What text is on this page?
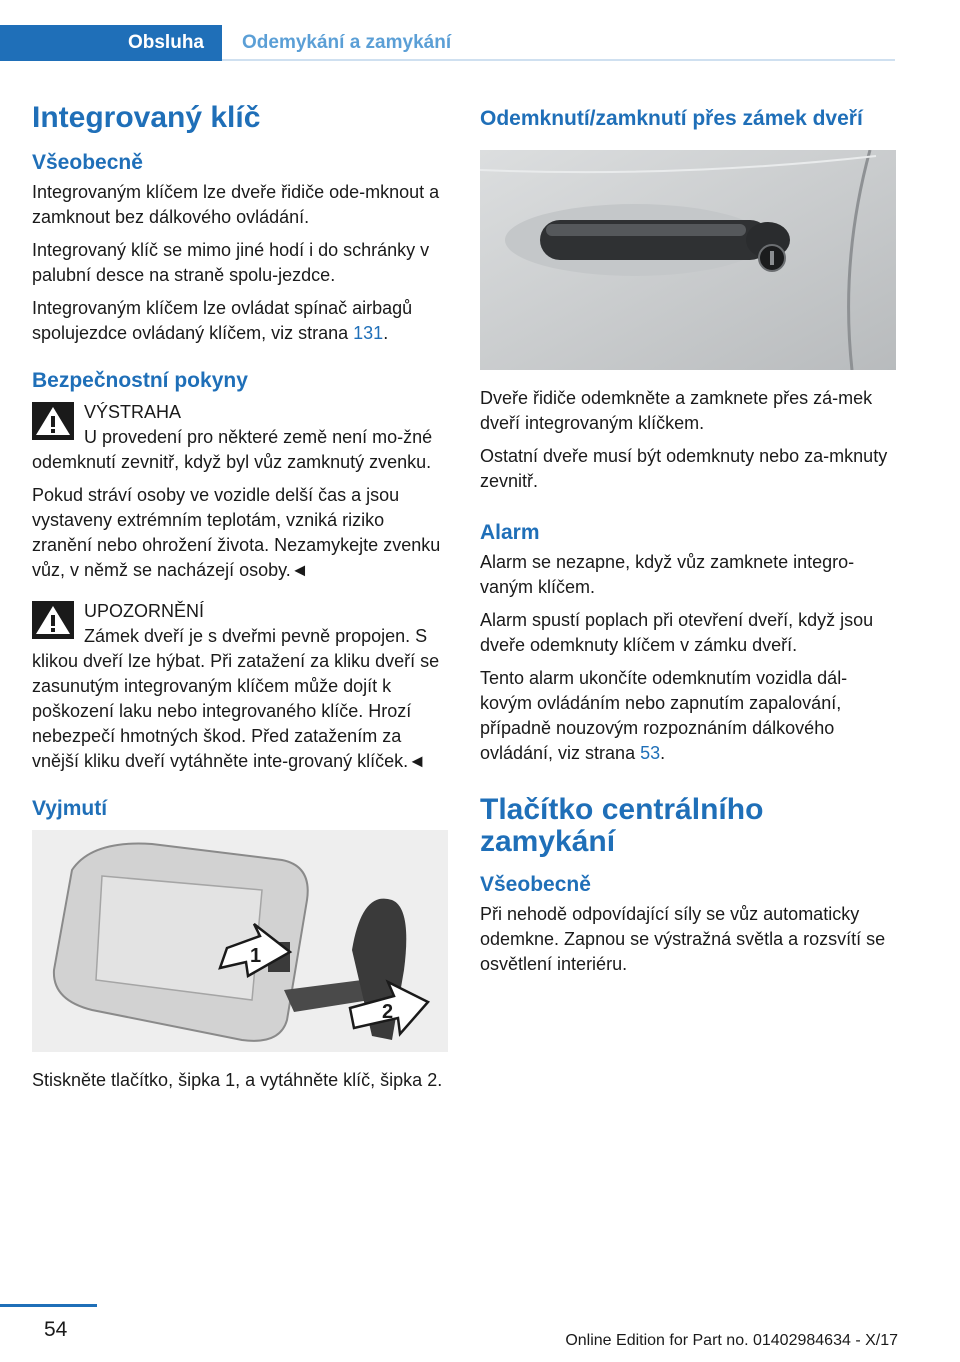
Obsluha	Odemykání a zamykání
Integrovaný klíč
Všeobecně

Integrovaným klíčem lze dveře řidiče ode-mknout a zamknout bez dálkového ovládání.

Integrovaný klíč se mimo jiné hodí i do schránky v palubní desce na straně spolu-jezdce.

Integrovaným klíčem lze ovládat spínač airbagů spolujezdce ovládaný klíčem, viz strana 131.

Bezpečnostní pokyny
VÝSTRAHA

U provedení pro některé země není mo-žné odemknutí zevnitř, když byl vůz zamknutý zvenku.

Pokud stráví osoby ve vozidle delší čas a jsou vystaveny extrémním teplotám, vzniká riziko zranění nebo ohrožení života. Nezamykejte zvenku vůz, v němž se nacházejí osoby.◄

UPOZORNĚNÍ

Zámek dveří je s dveřmi pevně propojen. S klikou dveří lze hýbat. Při zatažení za kliku dveří se zasunutým integrovaným klíčem může dojít k poškození laku nebo integrovaného klíče. Hrozí nebezpečí hmotných škod. Před zatažením za vnější kliku dveří vytáhněte inte-grovaný klíček.◄

Vyjmutí
1
2

Stiskněte tlačítko, šipka 1, a vytáhněte klíč, šipka 2.

Odemknutí/zamknutí přes zámek dveří

Dveře řidiče odemkněte a zamknete přes zá-mek dveří integrovaným klíčkem.

Ostatní dveře musí být odemknuty nebo za-mknuty zevnitř.

Alarm

Alarm se nezapne, když vůz zamknete integro-vaným klíčem.

Alarm spustí poplach při otevření dveří, když jsou dveře odemknuty klíčem v zámku dveří.

Tento alarm ukončíte odemknutím vozidla dál-kovým ovládáním nebo zapnutím zapalování, případně nouzovým rozpoznáním dálkového ovládání, viz strana 53.

Tlačítko centrálního zamykání
Všeobecně

Při nehodě odpovídající síly se vůz automaticky odemkne. Zapnou se výstražná světla a rozsvítí se osvětlení interiéru.

54	Online Edition for Part no. 01402984634 - X/17
